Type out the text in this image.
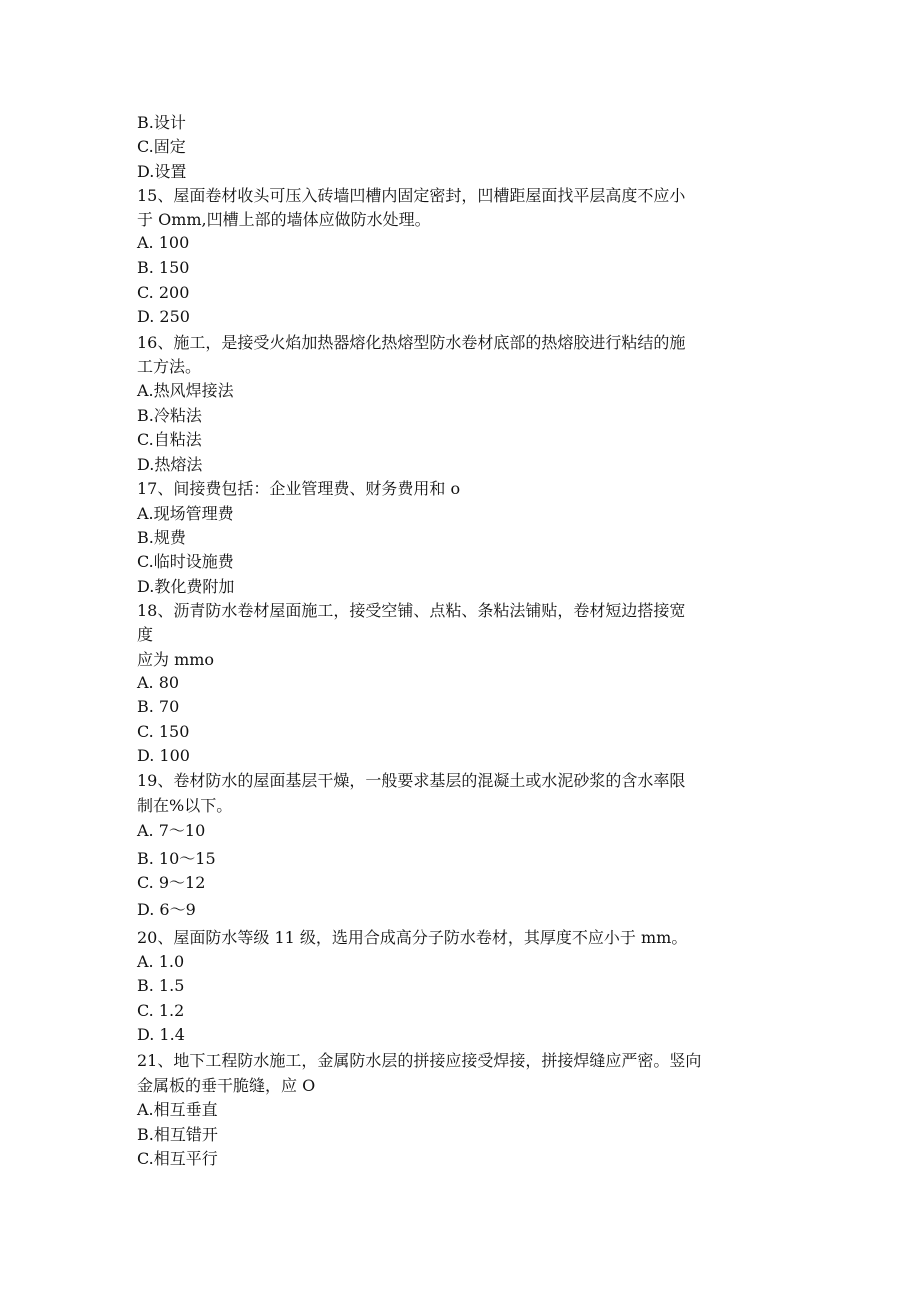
B.设计
C.固定
D.设置
15、屋面卷材收头可压入砖墙凹槽内固定密封，凹槽距屋面找平层高度不应小
于 Omm,凹槽上部的墙体应做防水处理。
A. 100
B. 150
C. 200
D. 250
16、施工，是接受火焰加热器熔化热熔型防水卷材底部的热熔胶进行粘结的施
工方法。
A.热风焊接法
B.冷粘法
C.自粘法
D.热熔法
17、间接费包括：企业管理费、财务费用和 o
A.现场管理费
B.规费
C.临时设施费
D.教化费附加
18、沥青防水卷材屋面施工，接受空铺、点粘、条粘法铺贴，卷材短边搭接宽
度
应为 mmo
A. 80
B. 70
C. 150
D. 100
19、卷材防水的屋面基层干燥，一般要求基层的混凝土或水泥砂浆的含水率限
制在%以下。
A. 7～10
B. 10～15
C. 9～12
D. 6～9
20、屋面防水等级 11 级，选用合成高分子防水卷材，其厚度不应小于 mm。
A. 1.0
B. 1.5
C. 1.2
D. 1.4
21、地下工程防水施工，金属防水层的拼接应接受焊接，拼接焊缝应严密。竖向
金属板的垂干脆缝，应 O
A.相互垂直
B.相互错开
C.相互平行
